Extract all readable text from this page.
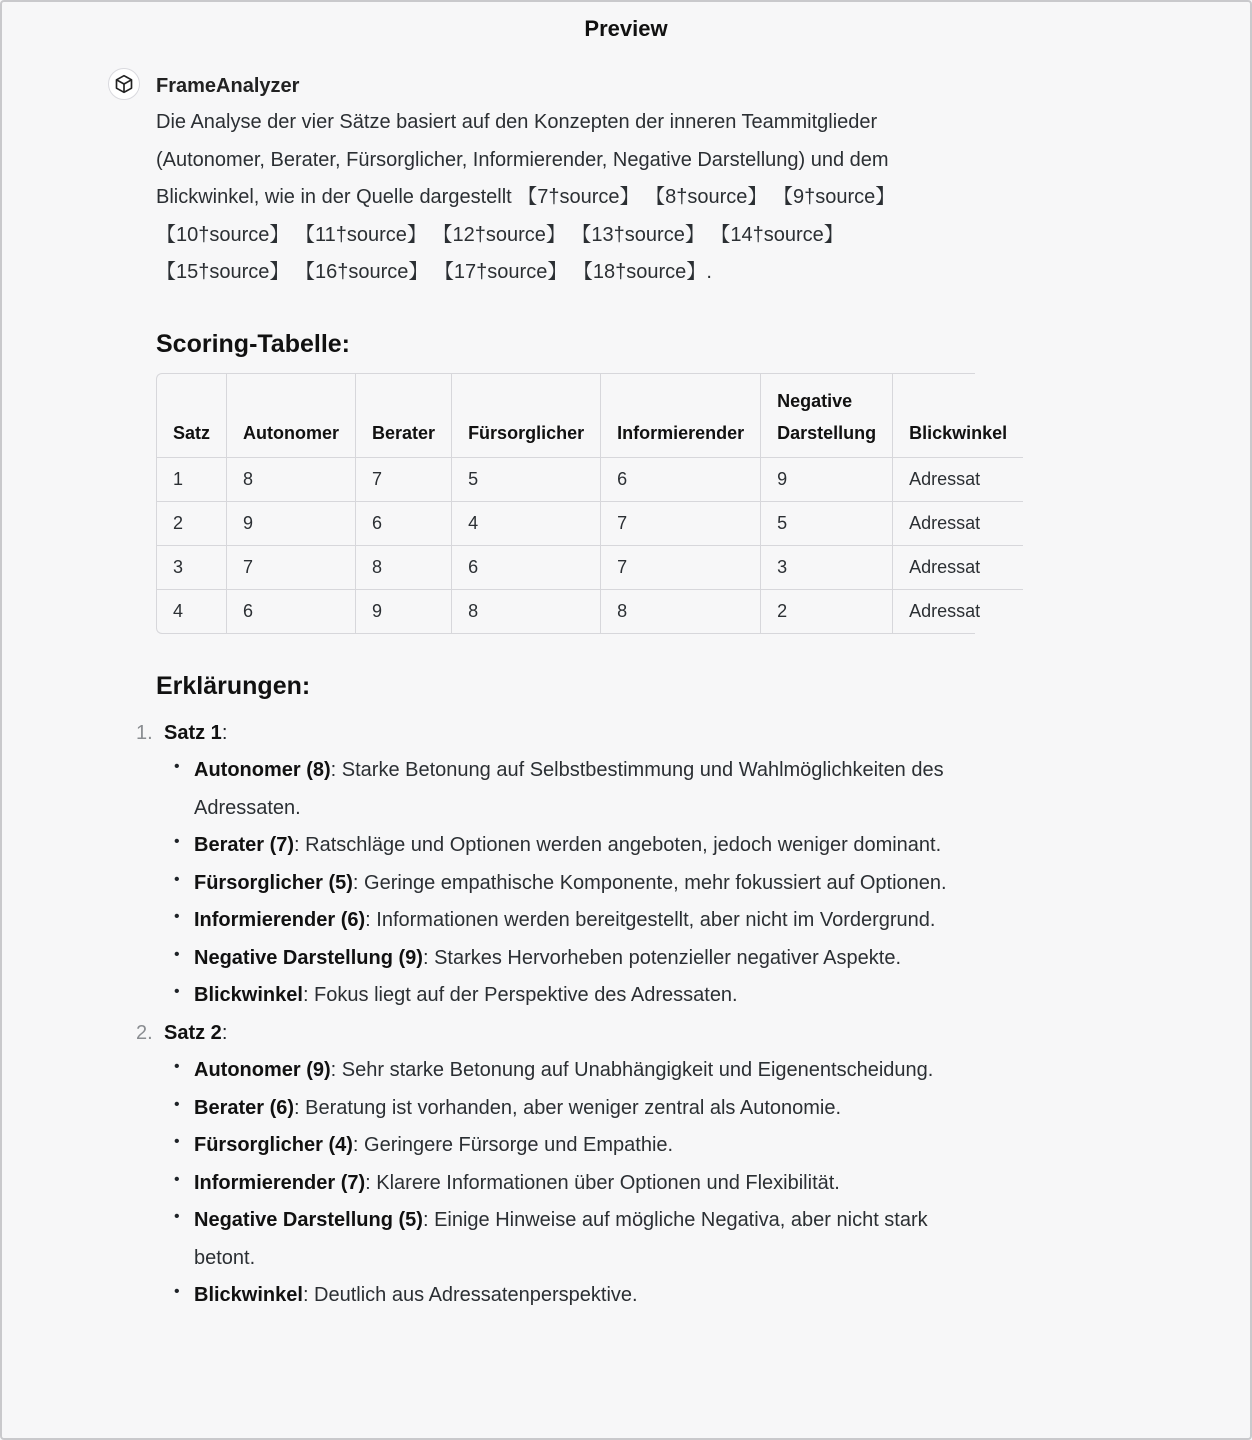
Preview
FrameAnalyzer

Die Analyse der vier Sätze basiert auf den Konzepten der inneren Teammitglieder (Autonomer, Berater, Fürsorglicher, Informierender, Negative Darstellung) und dem Blickwinkel, wie in der Quelle dargestellt 【7†source】 【8†source】 【9†source】 【10†source】 【11†source】 【12†source】 【13†source】 【14†source】 【15†source】 【16†source】 【17†source】 【18†source】.

Scoring-Tabelle:
Satz	Autonomer	Berater	Fürsorglicher	Informierender	Negative Darstellung	Blickwinkel
1	8	7	5	6	9	Adressat
2	9	6	4	7	5	Adressat
3	7	8	6	7	3	Adressat
4	6	9	8	8	2	Adressat
Erklärungen:
1. Satz 1:
• Autonomer (8): Starke Betonung auf Selbstbestimmung und Wahlmöglichkeiten des Adressaten.
• Berater (7): Ratschläge und Optionen werden angeboten, jedoch weniger dominant.
• Fürsorglicher (5): Geringe empathische Komponente, mehr fokussiert auf Optionen.
• Informierender (6): Informationen werden bereitgestellt, aber nicht im Vordergrund.
• Negative Darstellung (9): Starkes Hervorheben potenzieller negativer Aspekte.
• Blickwinkel: Fokus liegt auf der Perspektive des Adressaten.
2. Satz 2:
• Autonomer (9): Sehr starke Betonung auf Unabhängigkeit und Eigenentscheidung.
• Berater (6): Beratung ist vorhanden, aber weniger zentral als Autonomie.
• Fürsorglicher (4): Geringere Fürsorge und Empathie.
• Informierender (7): Klarere Informationen über Optionen und Flexibilität.
• Negative Darstellung (5): Einige Hinweise auf mögliche Negativa, aber nicht stark betont.
• Blickwinkel: Deutlich aus Adressatenperspektive.
